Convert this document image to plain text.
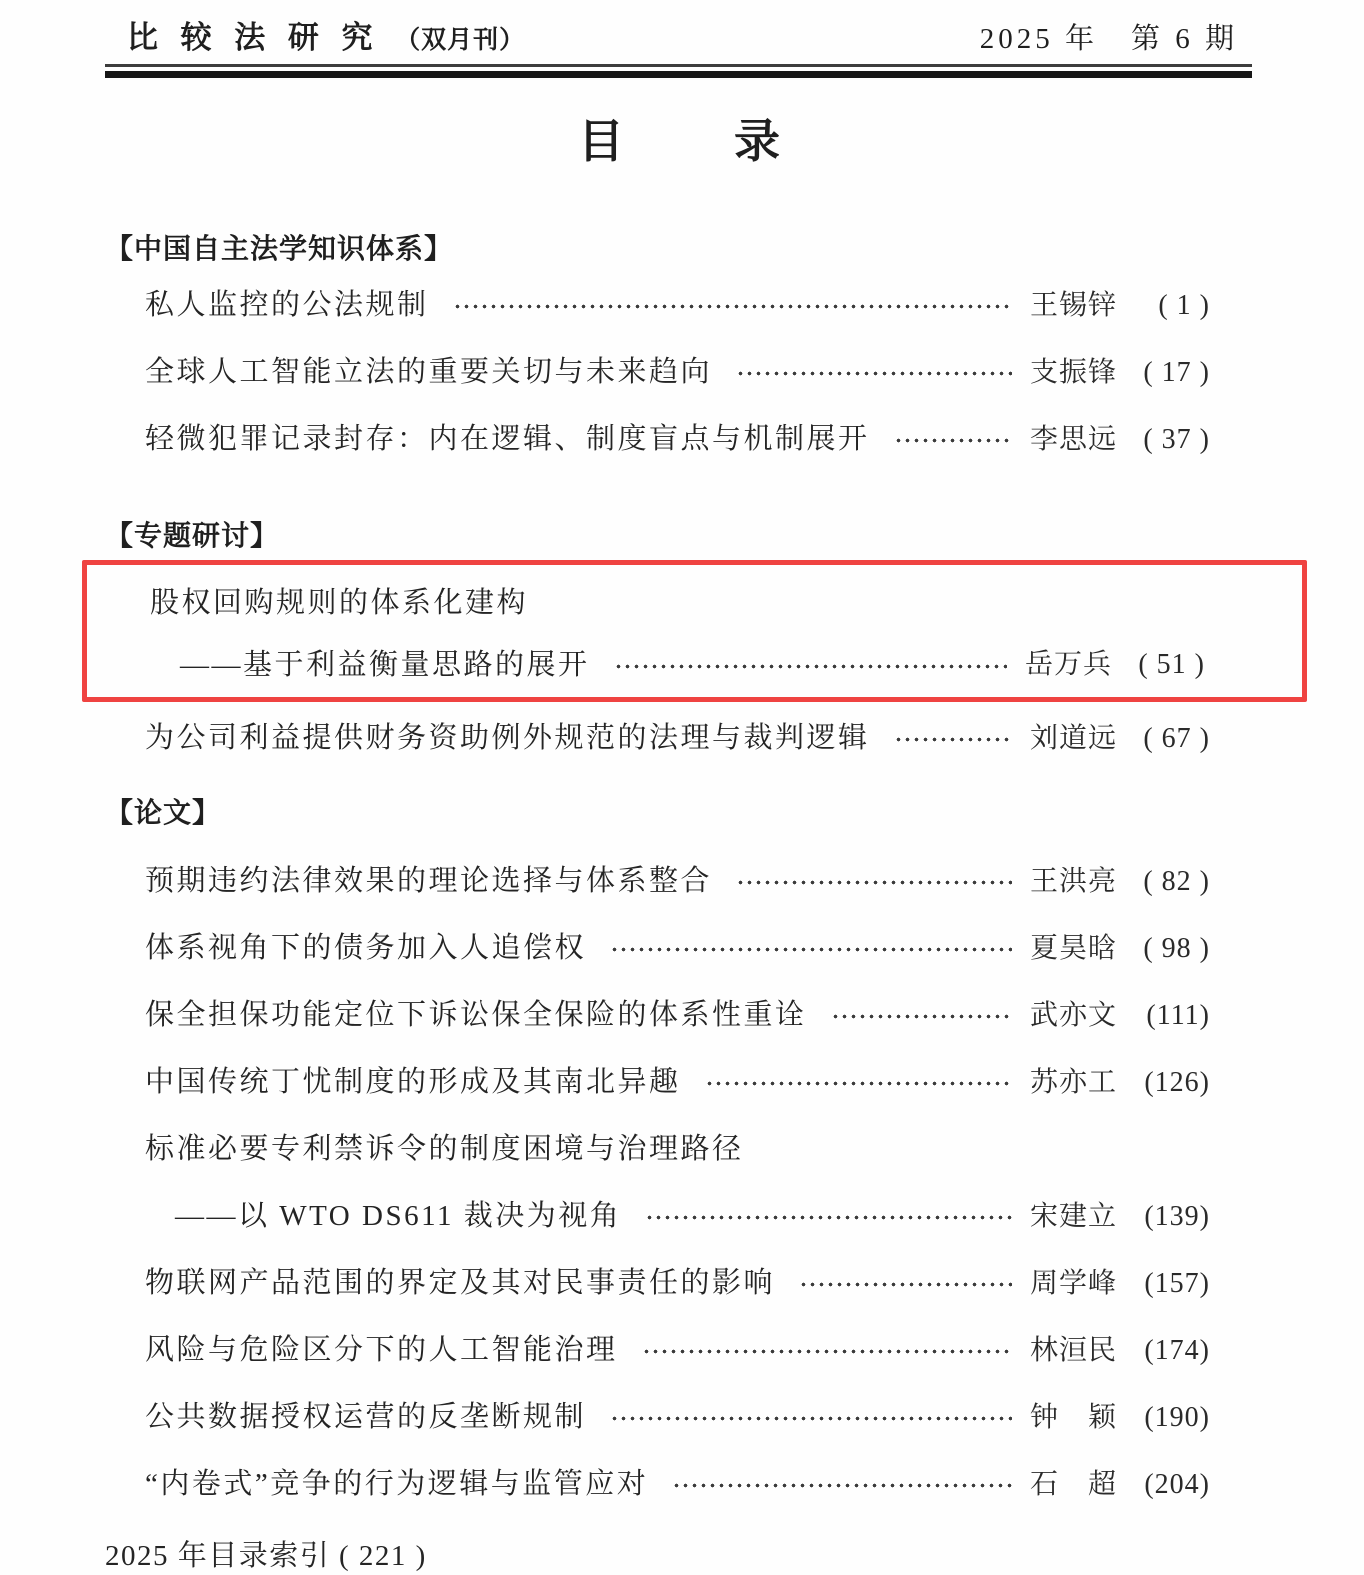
比 较 法 研 究 （双月刊）	2025 年　第 6 期
目　　录
【中国自主法学知识体系】
私人监控的公法规制	王锡锌 ( 1 )
全球人工智能立法的重要关切与未来趋向	支振锋 ( 17 )
轻微犯罪记录封存：内在逻辑、制度盲点与机制展开	李思远 ( 37 )
【专题研讨】
股权回购规则的体系化建构
——基于利益衡量思路的展开	岳万兵 ( 51 )
为公司利益提供财务资助例外规范的法理与裁判逻辑	刘道远 ( 67 )
【论文】
预期违约法律效果的理论选择与体系整合	王洪亮 ( 82 )
体系视角下的债务加入人追偿权	夏昊晗 ( 98 )
保全担保功能定位下诉讼保全保险的体系性重诠	武亦文 (111)
中国传统丁忧制度的形成及其南北异趣	苏亦工 (126)
标准必要专利禁诉令的制度困境与治理路径
——以 WTO DS611 裁决为视角	宋建立 (139)
物联网产品范围的界定及其对民事责任的影响	周学峰 (157)
风险与危险区分下的人工智能治理	林洹民 (174)
公共数据授权运营的反垄断规制	钟　颖 (190)
“内卷式”竞争的行为逻辑与监管应对	石　超 (204)
2025 年目录索引 ( 221 )
